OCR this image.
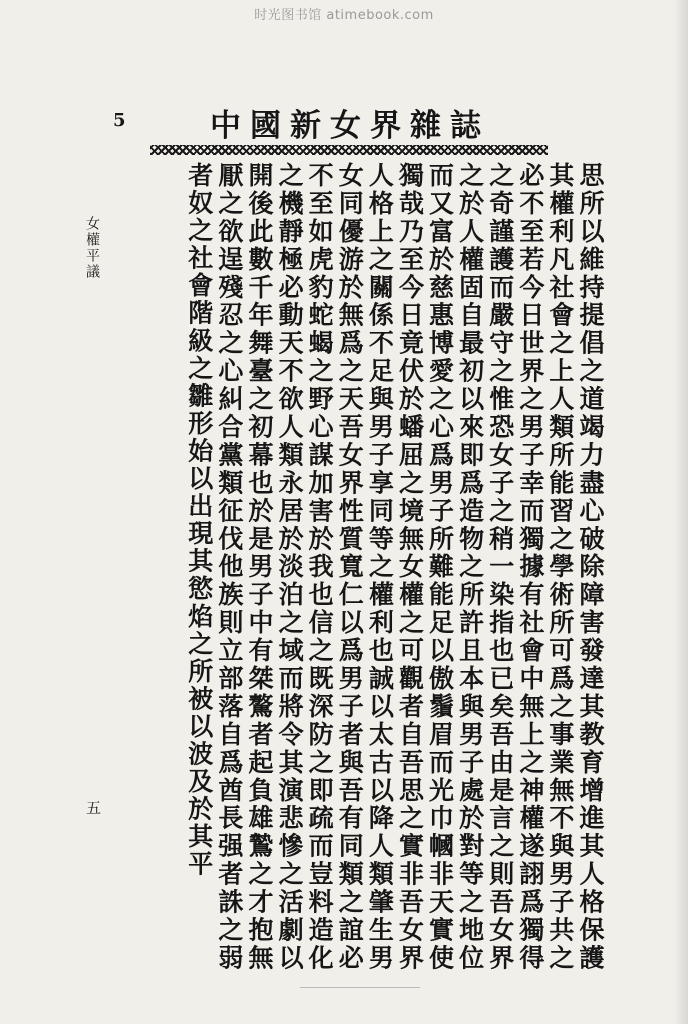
时光图书馆 atimebook.com
5	中國新女界雜誌
思所以維持提倡之道竭力盡心破除障害發達其教育增進其人格保護其權利凡社會之上人類所能習之學術所可爲之事業無不與男子共之必不至若今日世界之男子幸而獨據有社會中無上之神權遂詡爲獨得之奇謹護而嚴守之惟恐女子之稍一染指也已矣吾由是言之則吾女界之於人權固自最初以來即爲造物之所許且本與男子處於對等之地位而又富於慈惠博愛之心爲男子所難能足以傲鬚眉而光巾幗非天實使獨哉乃至今日竟伏於蟠屈之境無女權之可觀者自吾思之實非吾女界人格上之關係不足與男子享同等之權利也誠以太古以降人類肇生男女同優游於無爲之天吾女界性質寬仁以爲男子者與吾有同類之誼必不至如虎豹蛇蝎之野心謀加害於我也信之既深防之即疏而豈料造化之機靜極必動天不欲人類永居於淡泊之域而將令其演悲慘之活劇以開後此數千年舞臺之初幕也於是男子中有桀驁者起負雄鷙之才抱無厭之欲逞殘忍之心糾合黨類征伐他族則立部落自爲酋長强者誅之弱者奴之社會階級之雛形始以出現其慾焰之所被以波及於其平
女權平議
五
